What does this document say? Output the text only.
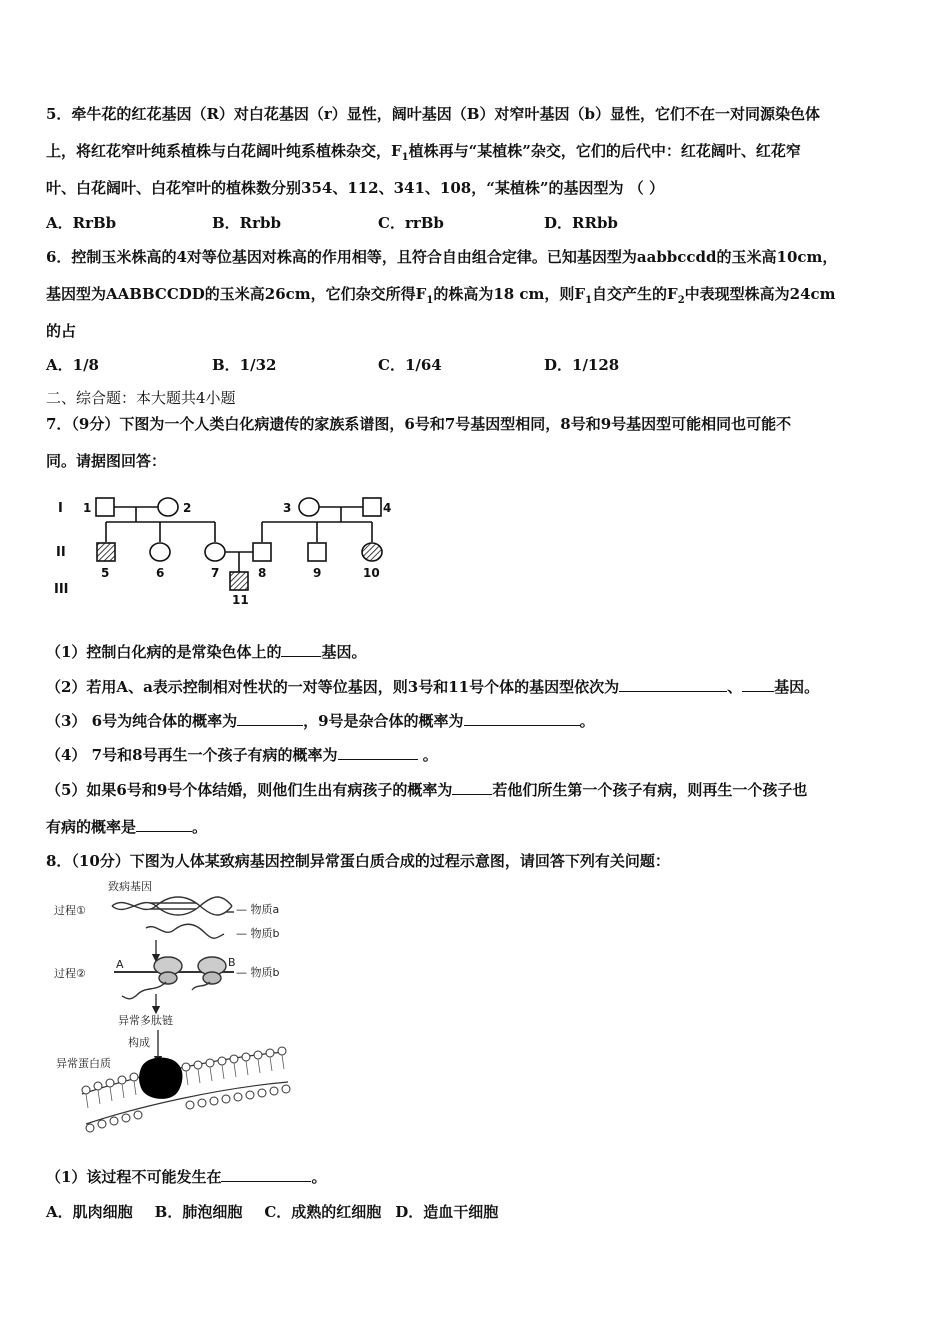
5．牵牛花的红花基因（R）对白花基因（r）显性，阔叶基因（B）对窄叶基因（b）显性，它们不在一对同源染色体
上，将红花窄叶纯系植株与白花阔叶纯系植株杂交，$F_1$植株再与“某植株”杂交，它们的后代中：红花阔叶、红花窄
叶、白花阔叶、白花窄叶的植株数分别354、112、341、108，“某植株”的基因型为 （ ）
A．RrBb	B．Rrbb	C．rrBb	D．RRbb
6．控制玉米株高的4对等位基因对株高的作用相等，且符合自由组合定律。已知基因型为aabbccdd的玉米高10cm，
基因型为AABBCCDD的玉米高26cm，它们杂交所得$F_1$的株高为18 cm，则$F_1$自交产生的$F_2$中表现型株高为24cm
的占
A．1/8	B．1/32	C．1/64	D．1/128
二、综合题：本大题共4小题
7．（9分）下图为一个人类白化病遗传的家族系谱图，6号和7号基因型相同，8号和9号基因型可能相同也可能不
同。请据图回答：
I
II
III
1	2	3	4
5	6	7	8	9	10
11
（1）控制白化病的是常染色体上的	基因。
（2）若用A、a表示控制相对性状的一对等位基因，则3号和11号个体的基因型依次为	、 基因。
（3） 6号为纯合体的概率为	，9号是杂合体的概率为	。
（4） 7号和8号再生一个孩子有病的概率为	。
（5）如果6号和9号个体结婚，则他们生出有病孩子的概率为	若他们所生第一个孩子有病，则再生一个孩子也
有病的概率是	。
8．（10分）下图为人体某致病基因控制异常蛋白质合成的过程示意图，请回答下列有关问题：
致病基因
过程①	— 物质a
— 物质b
过程②
A	B
— 物质b
异常多肽链
构成
异常蛋白质
（1）该过程不可能发生在	。
A．肌肉细胞 B．肺泡细胞 C．成熟的红细胞 D．造血干细胞
